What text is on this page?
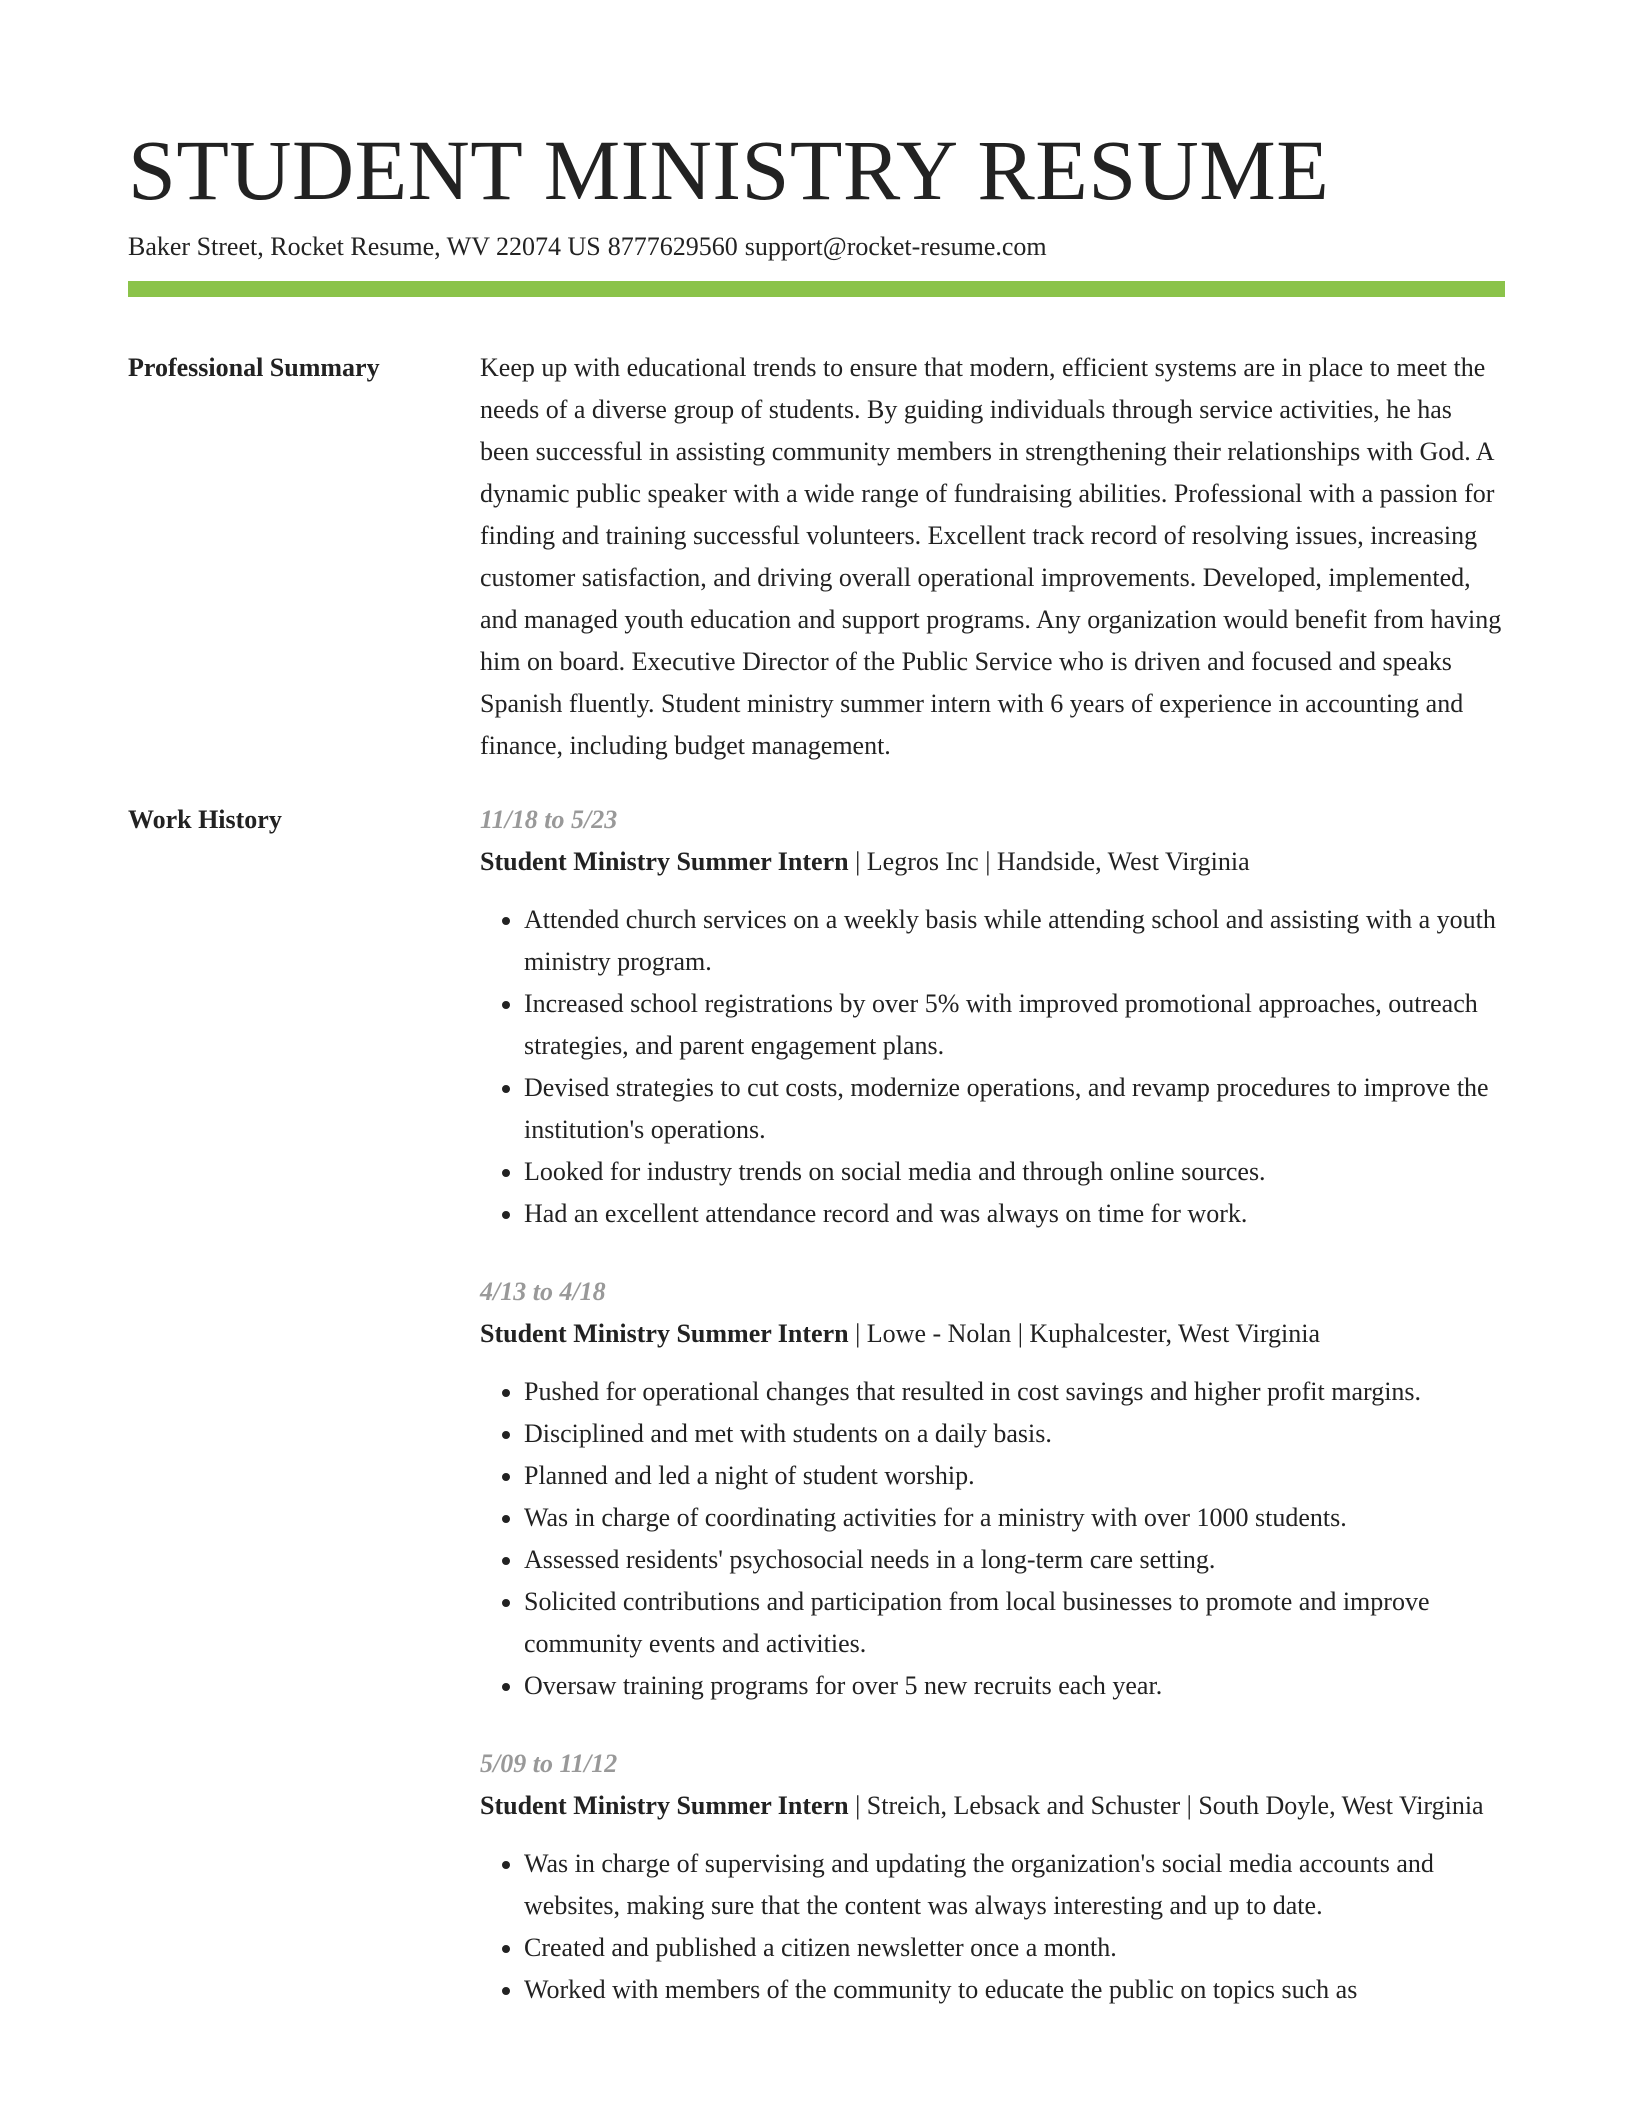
STUDENT MINISTRY RESUME
Baker Street, Rocket Resume, WV 22074 US 8777629560 support@rocket-resume.com
Professional Summary	Keep up with educational trends to ensure that modern, efficient systems are in place to meet the needs of a diverse group of students. By guiding individuals through service activities, he has been successful in assisting community members in strengthening their relationships with God. A dynamic public speaker with a wide range of fundraising abilities. Professional with a passion for finding and training successful volunteers. Excellent track record of resolving issues, increasing customer satisfaction, and driving overall operational improvements. Developed, implemented, and managed youth education and support programs. Any organization would benefit from having him on board. Executive Director of the Public Service who is driven and focused and speaks Spanish fluently. Student ministry summer intern with 6 years of experience in accounting and finance, including budget management.

Work History	11/18 to 5/23

Student Ministry Summer Intern | Legros Inc | Handside, West Virginia

• Attended church services on a weekly basis while attending school and assisting with a youth ministry program.
• Increased school registrations by over 5% with improved promotional approaches, outreach strategies, and parent engagement plans.
• Devised strategies to cut costs, modernize operations, and revamp procedures to improve the institution's operations.
• Looked for industry trends on social media and through online sources.
• Had an excellent attendance record and was always on time for work.
4/13 to 4/18

Student Ministry Summer Intern | Lowe - Nolan | Kuphalcester, West Virginia

• Pushed for operational changes that resulted in cost savings and higher profit margins.
• Disciplined and met with students on a daily basis.
• Planned and led a night of student worship.
• Was in charge of coordinating activities for a ministry with over 1000 students.
• Assessed residents' psychosocial needs in a long-term care setting.
• Solicited contributions and participation from local businesses to promote and improve community events and activities.
• Oversaw training programs for over 5 new recruits each year.
5/09 to 11/12

Student Ministry Summer Intern | Streich, Lebsack and Schuster | South Doyle, West Virginia

• Was in charge of supervising and updating the organization's social media accounts and websites, making sure that the content was always interesting and up to date.
• Created and published a citizen newsletter once a month.
• Worked with members of the community to educate the public on topics such as
